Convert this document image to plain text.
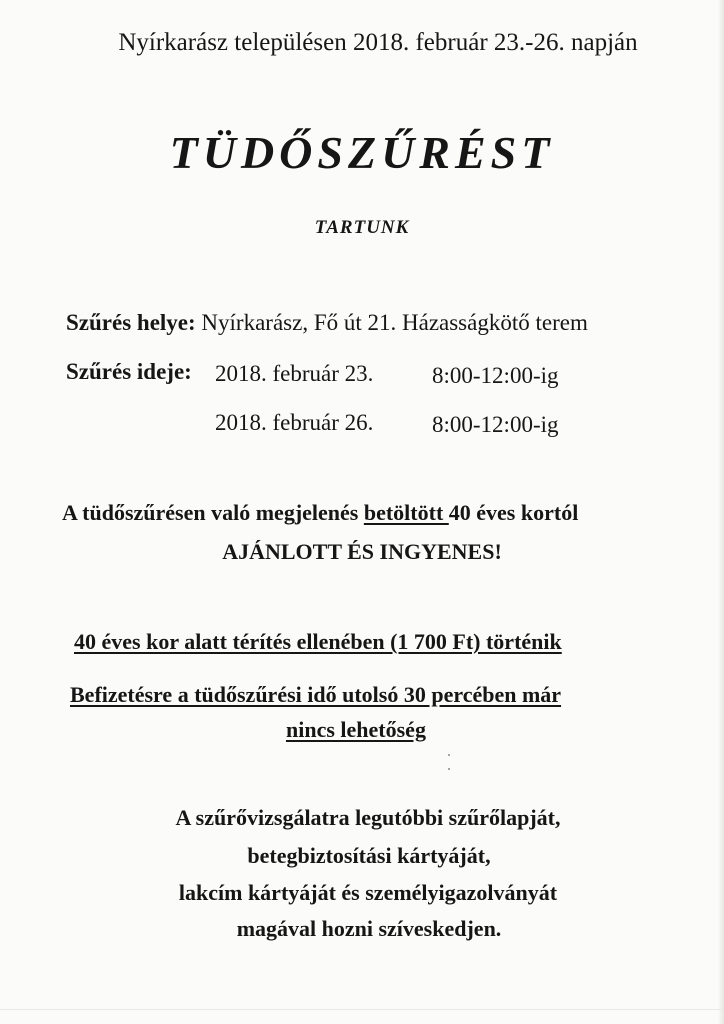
Nyírkarász településen 2018. február 23.-26. napján
TÜDŐSZŰRÉST
TARTUNK
Szűrés helye: Nyírkarász, Fő út 21. Házasságkötő terem
Szűrés ideje: 2018. február 23.	8:00-12:00-ig
2018. február 26.	8:00-12:00-ig
A tüdőszűrésen való megjelenés betöltött 40 éves kortól
AJÁNLOTT ÉS INGYENES!
40 éves kor alatt térítés ellenében (1 700 Ft) történik
Befizetésre a tüdőszűrési idő utolsó 30 percében már
nincs lehetőség
A szűrővizsgálatra legutóbbi szűrőlapját,
betegbiztosítási kártyáját,
lakcím kártyáját és személyigazolványát
magával hozni szíveskedjen.
